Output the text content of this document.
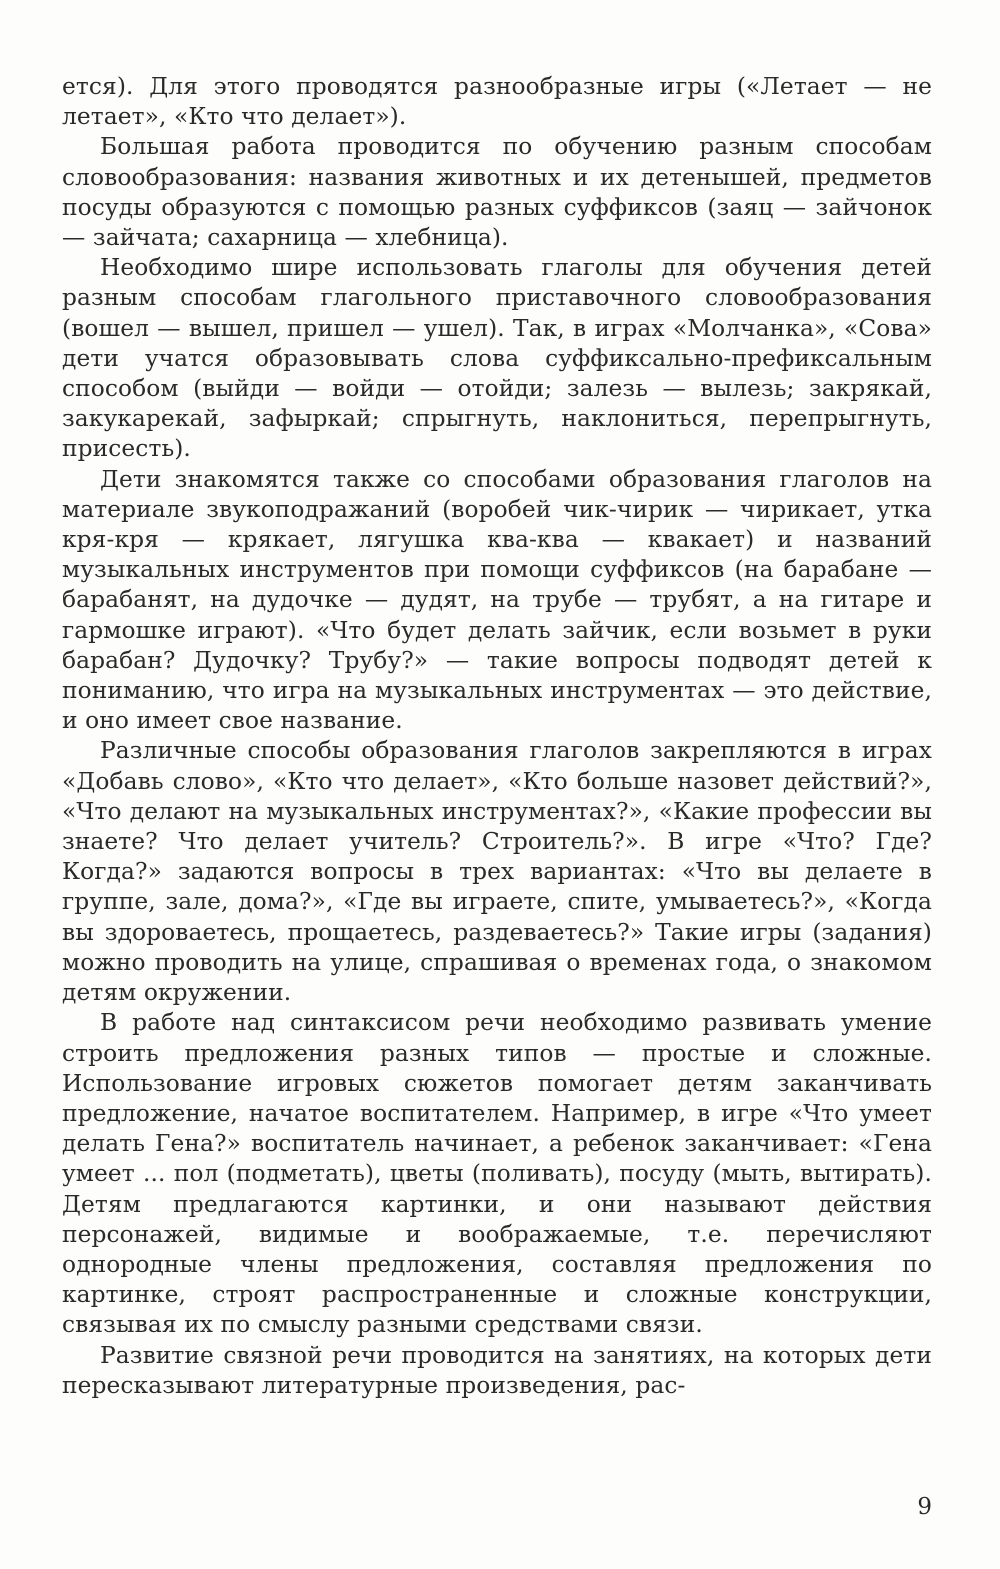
ется). Для этого проводятся разнообразные игры («Летает — не летает», «Кто что делает»).

Большая работа проводится по обучению разным способам словообразования: названия животных и их детенышей, предметов посуды образуются с помощью разных суффиксов (заяц — зайчонок — зайчата; сахарница — хлебница).

Необходимо шире использовать глаголы для обучения детей разным способам глагольного приставочного словообразования (вошел — вышел, пришел — ушел). Так, в играх «Молчанка», «Сова» дети учатся образовывать слова суффиксально-префиксальным способом (выйди — войди — отойди; залезь — вылезь; закрякай, закукарекай, зафыркай; спрыгнуть, наклониться, перепрыгнуть, присесть).

Дети знакомятся также со способами образования глаголов на материале звукоподражаний (воробей чик-чирик — чирикает, утка кря-кря — крякает, лягушка ква-ква — квакает) и названий музыкальных инструментов при помощи суффиксов (на барабане — барабанят, на дудочке — дудят, на трубе — трубят, а на гитаре и гармошке играют). «Что будет делать зайчик, если возьмет в руки барабан? Дудочку? Трубу?» — такие вопросы подводят детей к пониманию, что игра на музыкальных инструментах — это действие, и оно имеет свое название.

Различные способы образования глаголов закрепляются в играх «Добавь слово», «Кто что делает», «Кто больше назовет действий?», «Что делают на музыкальных инструментах?», «Какие профессии вы знаете? Что делает учитель? Строитель?». В игре «Что? Где? Когда?» задаются вопросы в трех вариантах: «Что вы делаете в группе, зале, дома?», «Где вы играете, спите, умываетесь?», «Когда вы здороваетесь, прощаетесь, раздеваетесь?» Такие игры (задания) можно проводить на улице, спрашивая о временах года, о знакомом детям окружении.

В работе над синтаксисом речи необходимо развивать умение строить предложения разных типов — простые и сложные. Использование игровых сюжетов помогает детям заканчивать предложение, начатое воспитателем. Например, в игре «Что умеет делать Гена?» воспитатель начинает, а ребенок заканчивает: «Гена умеет ... пол (подметать), цветы (поливать), посуду (мыть, вытирать). Детям предлагаются картинки, и они называют действия персонажей, видимые и воображаемые, т.е. перечисляют однородные члены предложения, составляя предложения по картинке, строят распространенные и сложные конструкции, связывая их по смыслу разными средствами связи.

Развитие связной речи проводится на занятиях, на которых дети пересказывают литературные произведения, рас-

9
